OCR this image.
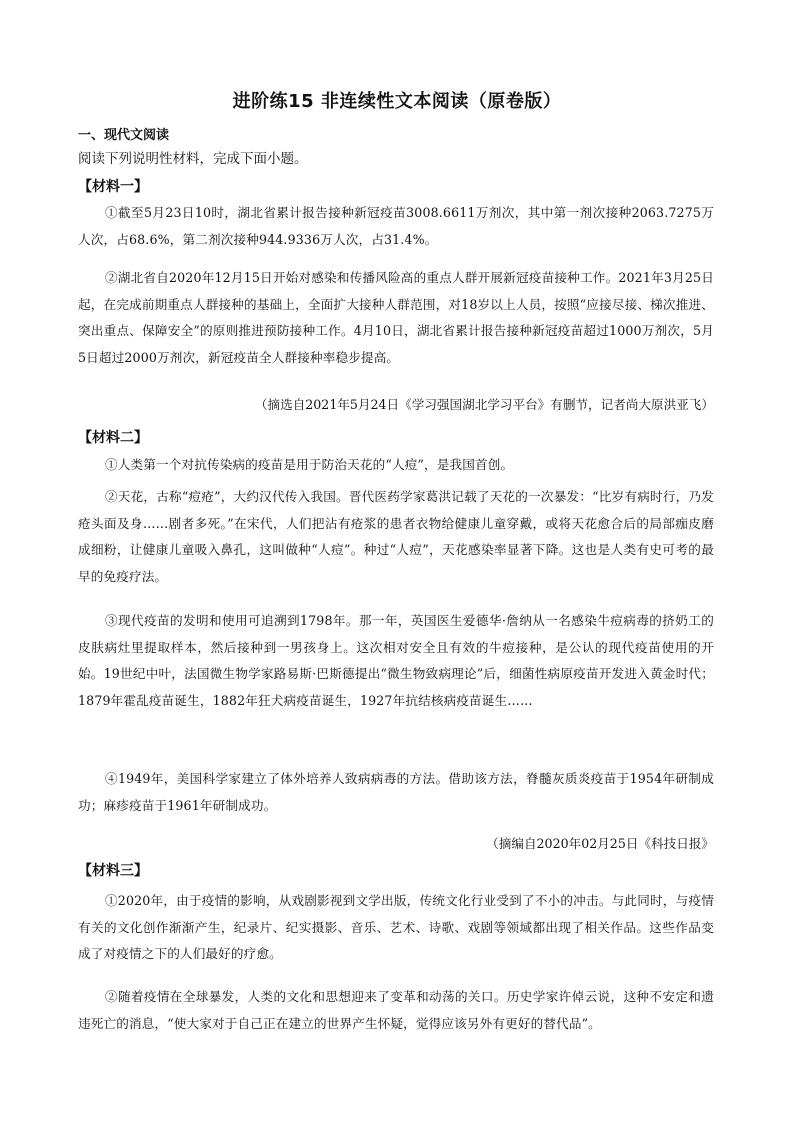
进阶练15 非连续性文本阅读（原卷版）
一、现代文阅读
阅读下列说明性材料，完成下面小题。
【材料一】
①截至5月23日10时，湖北省累计报告接种新冠疫苗3008.6611万剂次，其中第一剂次接种2063.7275万人次，占68.6%，第二剂次接种944.9336万人次，占31.4%。
②湖北省自2020年12月15日开始对感染和传播风险高的重点人群开展新冠疫苗接种工作。2021年3月25日起，在完成前期重点人群接种的基础上，全面扩大接种人群范围，对18岁以上人员，按照“应接尽接、梯次推进、突出重点、保障安全”的原则推进预防接种工作。4月10日，湖北省累计报告接种新冠疫苗超过1000万剂次，5月5日超过2000万剂次，新冠疫苗全人群接种率稳步提高。
（摘选自2021年5月24日《学习强国湖北学习平台》有删节，记者尚大原洪亚飞）
【材料二】
①人类第一个对抗传染病的疫苗是用于防治天花的“人痘”，是我国首创。
②天花，古称“痘疮”，大约汉代传入我国。晋代医药学家葛洪记载了天花的一次暴发：“比岁有病时行，乃发疮头面及身……剧者多死。”在宋代，人们把沾有疮浆的患者衣物给健康儿童穿戴，或将天花愈合后的局部痂皮磨成细粉，让健康儿童吸入鼻孔，这叫做种“人痘”。种过“人痘”，天花感染率显著下降。这也是人类有史可考的最早的免疫疗法。
③现代疫苗的发明和使用可追溯到1798年。那一年，英国医生爱德华·詹纳从一名感染牛痘病毒的挤奶工的皮肤病灶里提取样本，然后接种到一男孩身上。这次相对安全且有效的牛痘接种，是公认的现代疫苗使用的开始。19世纪中叶，法国微生物学家路易斯·巴斯德提出“微生物致病理论”后，细菌性病原疫苗开发进入黄金时代；1879年霍乱疫苗诞生，1882年狂犬病疫苗诞生，1927年抗结核病疫苗诞生……
④1949年，美国科学家建立了体外培养人致病病毒的方法。借助该方法，脊髓灰质炎疫苗于1954年研制成功；麻疹疫苗于1961年研制成功。
（摘编自2020年02月25日《科技日报》
【材料三】
①2020年，由于疫情的影响，从戏剧影视到文学出版，传统文化行业受到了不小的冲击。与此同时，与疫情有关的文化创作渐渐产生，纪录片、纪实摄影、音乐、艺术、诗歌、戏剧等领域都出现了相关作品。这些作品变成了对疫情之下的人们最好的疗愈。
②随着疫情在全球暴发，人类的文化和思想迎来了变革和动荡的关口。历史学家许倬云说，这种不安定和遗违死亡的消息，“使大家对于自己正在建立的世界产生怀疑，觉得应该另外有更好的替代品”。
